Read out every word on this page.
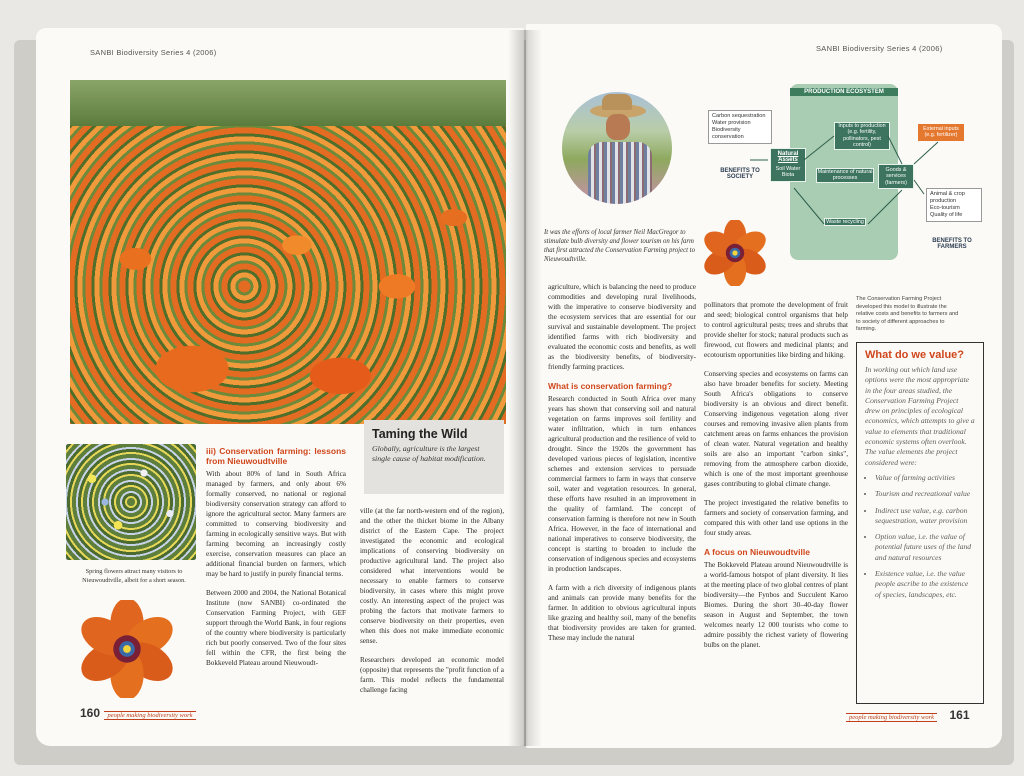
SANBI Biodiversity Series 4 (2006)
Spring flowers attract many visitors to Nieuwoudtville, albeit for a short season.
iii) Conservation farming: lessons from Nieuwoudtville

With about 80% of land in South Africa managed by farmers, and only about 6% formally conserved, no national or regional biodiversity conservation strategy can afford to ignore the agricultural sector. Many farmers are committed to conserving biodiversity and farming in ecologically sensitive ways. But with farming becoming an increasingly costly exercise, conservation measures can place an additional financial burden on farmers, which may be hard to justify in purely financial terms.

Between 2000 and 2004, the National Botanical Institute (now SANBI) co-ordinated the Conservation Farming Project, with GEF support through the World Bank, in four regions of the country where biodiversity is particularly rich but poorly conserved. Two of the four sites fell within the CFR, the first being the Bokkeveld Plateau around Nieuwoudt-

Taming the Wild
Globally, agriculture is the largest single cause of habitat modification.

ville (at the far north-western end of the region), and the other the thicket biome in the Albany district of the Eastern Cape. The project investigated the economic and ecological implications of conserving biodiversity on productive agricultural land. The project also considered what interventions would be necessary to enable farmers to conserve biodiversity, in cases where this might prove costly. An interesting aspect of the project was probing the factors that motivate farmers to conserve biodiversity on their properties, even when this does not make immediate economic sense.

Researchers developed an economic model (opposite) that represents the "profit function of a farm. This model reflects the fundamental challenge facing

160 people making biodiversity work
SANBI Biodiversity Series 4 (2006)
It was the efforts of local farmer Neil MacGregor to stimulate bulb diversity and flower tourism on his farm that first attracted the Conservation Farming project to Nieuwoudtville.
Carbon sequestration
Water provision
Biodiversity conservation
BENEFITS TO SOCIETY
PRODUCTION ECOSYSTEM
Inputs to production (e.g. fertility, pollinators, pest control)
Maintenance of natural processes
Waste recycling
Natural Assets
Soil Water Biota
Goods & services (farmers)
External inputs (e.g. fertilizer)
Animal & crop production
Eco-tourism
Quality of life
BENEFITS TO FARMERS
The Conservation Farming Project developed this model to illustrate the relative costs and benefits to farmers and to society of different approaches to farming.

agriculture, which is balancing the need to produce commodities and developing rural livelihoods, with the imperative to conserve biodiversity and the ecosystem services that are essential for our survival and sustainable development. The project identified farms with rich biodiversity and evaluated the economic costs and benefits, as well as the biodiversity benefits, of biodiversity-friendly farming practices.

What is conservation farming?

Research conducted in South Africa over many years has shown that conserving soil and natural vegetation on farms improves soil fertility and water infiltration, which in turn enhances agricultural production and the resilience of veld to drought. Since the 1920s the government has developed various pieces of legislation, incentive schemes and extension services to persuade commercial farmers to farm in ways that conserve soil, water and vegetation resources. In general, these efforts have resulted in an improvement in the quality of farmland. The concept of conservation farming is therefore not new in South Africa. However, in the face of international and national imperatives to conserve biodiversity, the concept is starting to broaden to include the conservation of indigenous species and ecosystems in production landscapes.

A farm with a rich diversity of indigenous plants and animals can provide many benefits for the farmer. In addition to obvious agricultural inputs like grazing and healthy soil, many of the benefits that biodiversity provides are taken for granted. These may include the natural

pollinators that promote the development of fruit and seed; biological control organisms that help to control agricultural pests; trees and shrubs that provide shelter for stock; natural products such as firewood, cut flowers and medicinal plants; and ecotourism opportunities like birding and hiking.

Conserving species and ecosystems on farms can also have broader benefits for society. Meeting South Africa's obligations to conserve biodiversity is an obvious and direct benefit. Conserving indigenous vegetation along river courses and removing invasive alien plants from catchment areas on farms enhances the provision of clean water. Natural vegetation and healthy soils are also an important "carbon sinks", removing from the atmosphere carbon dioxide, which is one of the most important greenhouse gases contributing to global climate change.

The project investigated the relative benefits to farmers and society of conservation farming, and compared this with other land use options in the four study areas.

A focus on Nieuwoudtville

The Bokkeveld Plateau around Nieuwoudtville is a world-famous hotspot of plant diversity. It lies at the meeting place of two global centres of plant biodiversity—the Fynbos and Succulent Karoo Biomes. During the short 30–40-day flower season in August and September, the town welcomes nearly 12 000 tourists who come to admire possibly the richest variety of flowering bulbs on the planet.

What do we value?
In working out which land use options were the most appropriate in the four areas studied, the Conservation Farming Project drew on principles of ecological economics, which attempts to give a value to elements that traditional economic systems often overlook. The value elements the project considered were:
• Value of farming activities
• Tourism and recreational value
• Indirect use value, e.g. carbon sequestration, water provision
• Option value, i.e. the value of potential future uses of the land and natural resources
• Existence value, i.e. the value people ascribe to the existence of species, landscapes, etc.
people making biodiversity work 161
